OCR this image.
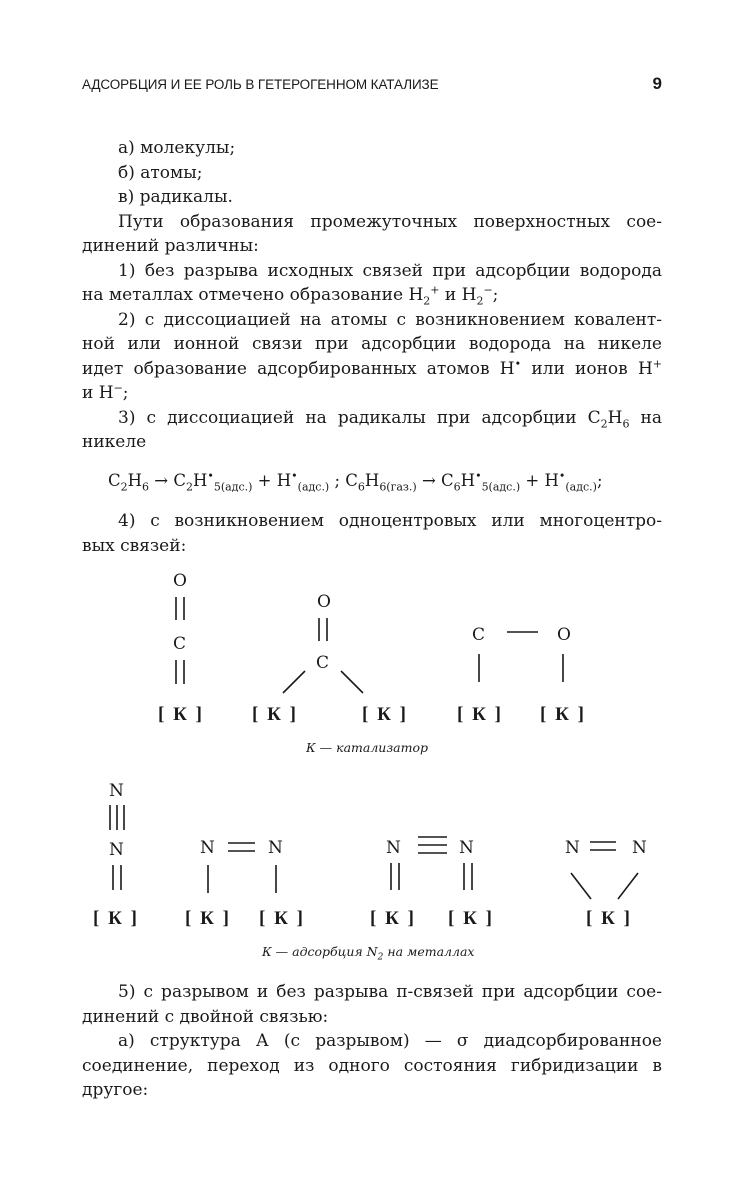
АДСОРБЦИЯ И ЕЕ РОЛЬ В ГЕТЕРОГЕННОМ КАТАЛИЗЕ	9
а) молекулы;
б) атомы;
в) радикалы.
Пути образования промежуточных поверхностных сое-
динений различны:
1) без разрыва исходных связей при адсорбции водорода
на металлах отмечено образование $H_2^+$ и $H_2^-$;
2) с диссоциацией на атомы с возникновением ковалент-
ной или ионной связи при адсорбции водорода на никеле
идет образование адсорбированных атомов H• или ионов H+
и H−;
3) с диссоциацией на радикалы при адсорбции $C_2H_6$ на
никеле
$C_2H_6 \to C_2H^•_{5(адс.)} + H^•_{(адс.)}$ ; $C_6H_{6(газ.)} \to C_6H^•_{5(адс.)} + H^•_{(адс.)}$;
4) с возникновением одноцентровых или многоцентро-
вых связей:
O
C
O
C
C	O
[ К ]	[ К ]	[ К ]	[ К ] [ К ]
N
N	N	N	N	N	N	N
[ К ] [ К ] [ К ]	[ К ] [ К ]	[ К ]
К — катализатор
К — адсорбция $N_2$ на металлах
5) с разрывом и без разрыва π-связей при адсорбции сое-
динений с двойной связью:
а) структура А (с разрывом) — σ диадсорбированное
соединение, переход из одного состояния гибридизации в
другое:
